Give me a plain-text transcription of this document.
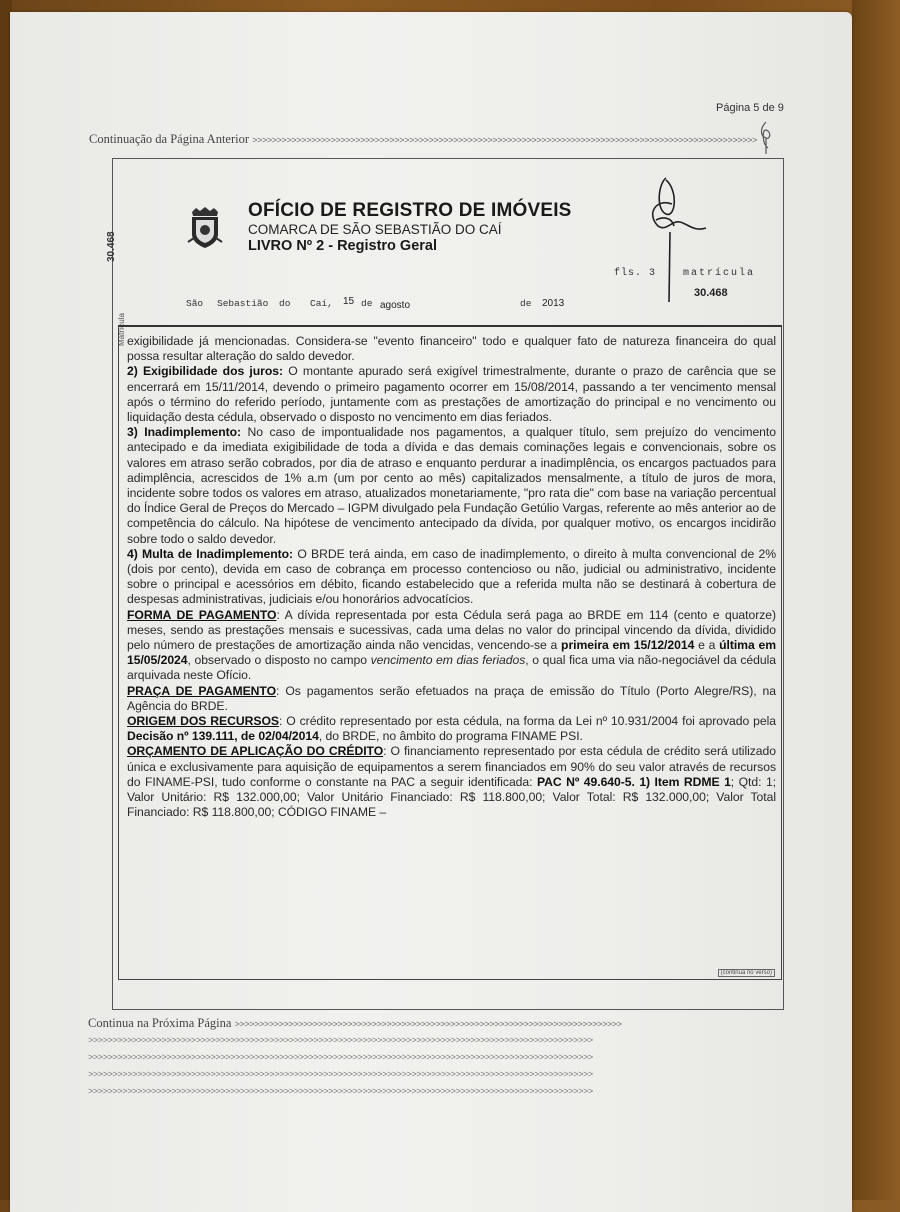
Página 5 de 9
Continuação da Página Anterior >>>>>>>>>>>>>>>>>>>>>>>>>>>>>>>>>>>>>>>>>>>>>>>>>>>>>>>>>>>>>>>>>>>>>>>>>>>>>>>>>>>>>>>>>>>>>>>>>>>>>>>
OFÍCIO DE REGISTRO DE IMÓVEIS
COMARCA DE SÃO SEBASTIÃO DO CAÍ
LIVRO Nº 2 - Registro Geral
fls. 3	matrícula
30.468
30.468
Matrícula
São Sebastião do Caí, 15 de agosto	de 2013

exigibilidade já mencionadas. Considera-se "evento financeiro" todo e qualquer fato de natureza financeira do qual possa resultar alteração do saldo devedor.

2) Exigibilidade dos juros: O montante apurado será exigível trimestralmente, durante o prazo de carência que se encerrará em 15/11/2014, devendo o primeiro pagamento ocorrer em 15/08/2014, passando a ter vencimento mensal após o término do referido período, juntamente com as prestações de amortização do principal e no vencimento ou liquidação desta cédula, observado o disposto no vencimento em dias feriados.

3) Inadimplemento: No caso de impontualidade nos pagamentos, a qualquer título, sem prejuízo do vencimento antecipado e da imediata exigibilidade de toda a dívida e das demais cominações legais e convencionais, sobre os valores em atraso serão cobrados, por dia de atraso e enquanto perdurar a inadimplência, os encargos pactuados para adimplência, acrescidos de 1% a.m (um por cento ao mês) capitalizados mensalmente, a título de juros de mora, incidente sobre todos os valores em atraso, atualizados monetariamente, "pro rata die" com base na variação percentual do Índice Geral de Preços do Mercado – IGPM divulgado pela Fundação Getúlio Vargas, referente ao mês anterior ao de competência do cálculo. Na hipótese de vencimento antecipado da dívida, por qualquer motivo, os encargos incidirão sobre todo o saldo devedor.

4) Multa de Inadimplemento: O BRDE terá ainda, em caso de inadimplemento, o direito à multa convencional de 2% (dois por cento), devida em caso de cobrança em processo contencioso ou não, judicial ou administrativo, incidente sobre o principal e acessórios em débito, ficando estabelecido que a referida multa não se destinará à cobertura de despesas administrativas, judiciais e/ou honorários advocatícios.

FORMA DE PAGAMENTO: A dívida representada por esta Cédula será paga ao BRDE em 114 (cento e quatorze) meses, sendo as prestações mensais e sucessivas, cada uma delas no valor do principal vincendo da dívida, dividido pelo número de prestações de amortização ainda não vencidas, vencendo-se a primeira em 15/12/2014 e a última em 15/05/2024, observado o disposto no campo vencimento em dias feriados, o qual fica uma via não-negociável da cédula arquivada neste Ofício.

PRAÇA DE PAGAMENTO: Os pagamentos serão efetuados na praça de emissão do Título (Porto Alegre/RS), na Agência do BRDE.

ORIGEM DOS RECURSOS: O crédito representado por esta cédula, na forma da Lei nº 10.931/2004 foi aprovado pela Decisão nº 139.111, de 02/04/2014, do BRDE, no âmbito do programa FINAME PSI.

ORÇAMENTO DE APLICAÇÃO DO CRÉDITO: O financiamento representado por esta cédula de crédito será utilizado única e exclusivamente para aquisição de equipamentos a serem financiados em 90% do seu valor através de recursos do FINAME-PSI, tudo conforme o constante na PAC a seguir identificada: PAC Nº 49.640-5. 1) Item RDME 1; Qtd: 1; Valor Unitário: R$ 132.000,00; Valor Unitário Financiado: R$ 118.800,00; Valor Total: R$ 132.000,00; Valor Total Financiado: R$ 118.800,00; CÓDIGO FINAME –

(continua no verso)
Continua na Próxima Página >>>>>>>>>>>>>>>>>>>>>>>>>>>>>>>>>>>>>>>>>>>>>>>>>>>>>>>>>>>>>>>>>>>>>>>>>>>>>>>
>>>>>>>>>>>>>>>>>>>>>>>>>>>>>>>>>>>>>>>>>>>>>>>>>>>>>>>>>>>>>>>>>>>>>>>>>>>>>>>>>>>>>>>>>>>>>>>>>>>>>>>
>>>>>>>>>>>>>>>>>>>>>>>>>>>>>>>>>>>>>>>>>>>>>>>>>>>>>>>>>>>>>>>>>>>>>>>>>>>>>>>>>>>>>>>>>>>>>>>>>>>>>>>
>>>>>>>>>>>>>>>>>>>>>>>>>>>>>>>>>>>>>>>>>>>>>>>>>>>>>>>>>>>>>>>>>>>>>>>>>>>>>>>>>>>>>>>>>>>>>>>>>>>>>>>
>>>>>>>>>>>>>>>>>>>>>>>>>>>>>>>>>>>>>>>>>>>>>>>>>>>>>>>>>>>>>>>>>>>>>>>>>>>>>>>>>>>>>>>>>>>>>>>>>>>>>>>
